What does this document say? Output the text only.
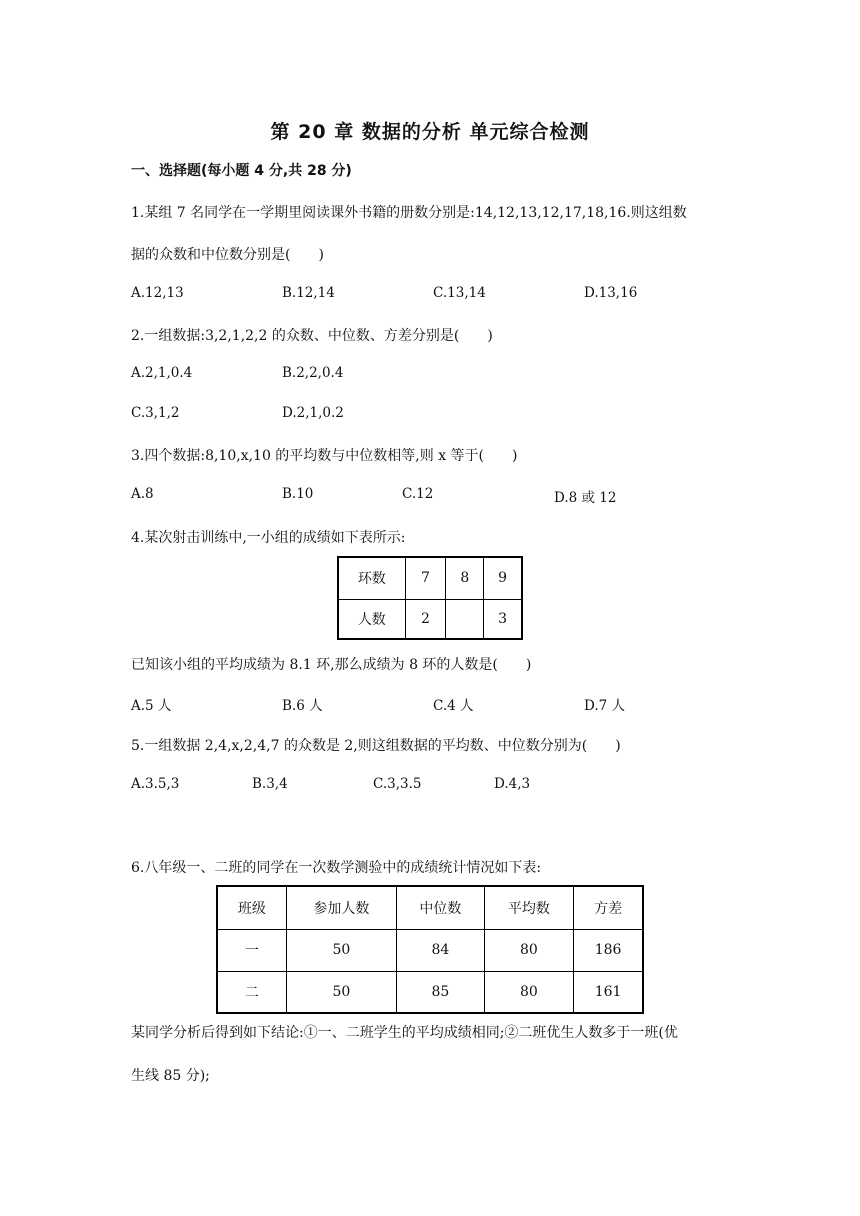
第 20 章 数据的分析 单元综合检测
一、选择题(每小题 4 分,共 28 分)
1.某组 7 名同学在一学期里阅读课外书籍的册数分别是:14,12,13,12,17,18,16.则这组数
据的众数和中位数分别是(　　)
A.12,13	B.12,14	C.13,14	D.13,16
2.一组数据:3,2,1,2,2 的众数、中位数、方差分别是(　　)
A.2,1,0.4	B.2,2,0.4
C.3,1,2	D.2,1,0.2
3.四个数据:8,10,x,10 的平均数与中位数相等,则 x 等于(　　)
A.8	B.10	C.12	D.8 或 12
4.某次射击训练中,一小组的成绩如下表所示:
环数	7	8	9
人数	2		3
已知该小组的平均成绩为 8.1 环,那么成绩为 8 环的人数是(　　)
A.5 人	B.6 人	C.4 人	D.7 人
5.一组数据 2,4,x,2,4,7 的众数是 2,则这组数据的平均数、中位数分别为(　　)
A.3.5,3	B.3,4	C.3,3.5	D.4,3
6.八年级一、二班的同学在一次数学测验中的成绩统计情况如下表:
班级	参加人数	中位数	平均数	方差
一	50	84	80	186
二	50	85	80	161
某同学分析后得到如下结论:①一、二班学生的平均成绩相同;②二班优生人数多于一班(优
生线 85 分);
